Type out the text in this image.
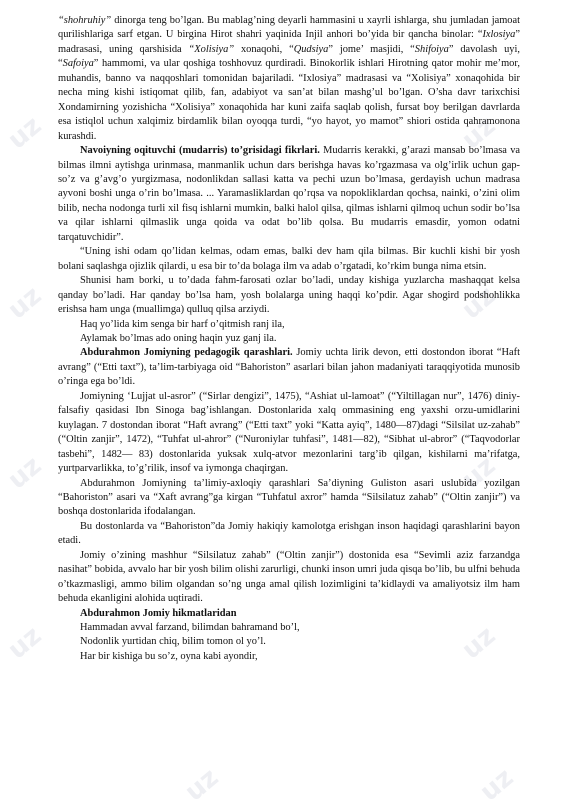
uz	uz
uz	uz
uz	uz
uz	uz
uz	uz

“shohruhiy” dinorga teng bo’lgan. Bu mablag’ning deyarli hammasini u xayrli ishlarga, shu jumladan jamoat qurilishlariga sarf etgan. U birgina Hirot shahri yaqinida Injil anhori bo’yida bir qancha binolar: “Ixlosiya” madrasasi, uning qarshisida “Xolisiya” xonaqohi, “Qudsiya” jome’ masjidi, “Shifoiya” davolash uyi, “Safoiya” hammomi, va ular qoshiga toshhovuz qurdiradi. Binokorlik ishlari Hirotning qator mohir me’mor, muhandis, banno va naqqoshlari tomonidan bajariladi. “Ixlosiya” madrasasi va “Xolisiya” xonaqohida bir necha ming kishi istiqomat qilib, fan, adabiyot va san’at bilan mashg’ul bo’lgan. O’sha davr tarixchisi Xondamirning yozishicha “Xolisiya” xonaqohida har kuni zaifa saqlab qolish, fursat boy berilgan davrlarda esa istiqlol uchun xalqimiz birdamlik bilan oyoqqa turdi, “yo hayot, yo mamot” shiori ostida qahramonona kurashdi.

Navoiyning oqituvchi (mudarris) to’grisidagi fikrlari. Mudarris kerakki, g’arazi mansab bo’lmasa va bilmas ilmni aytishga urinmasa, manmanlik uchun dars berishga havas ko’rgazmasa va olg’irlik uchun gap-so’z va g’avg’o yurgizmasa, nodonlikdan sallasi katta va pechi uzun bo’lmasa, gerdayish uchun madrasa ayvoni boshi unga o’rin bo’lmasa. ... Yaramasliklardan qo’rqsa va nopokliklardan qochsa, nainki, o’zini olim bilib, necha nodonga turli xil fisq ishlarni mumkin, balki halol qilsa, qilmas ishlarni qilmoq uchun sodir bo’lsa va qilar ishlarni qilmaslik unga qoida va odat bo’lib qolsa. Bu mudarris emasdir, yomon odatni tarqatuvchidir”.

“Uning ishi odam qo’lidan kelmas, odam emas, balki dev ham qila bilmas. Bir kuchli kishi bir yosh bolani saqlashga ojizlik qilardi, u esa bir to’da bolaga ilm va adab o’rgatadi, ko’rkim bunga nima etsin.

Shunisi ham borki, u to’dada fahm-farosati ozlar bo’ladi, unday kishiga yuzlarcha mashaqqat kelsa qanday bo’ladi. Har qanday bo’lsa ham, yosh bolalarga uning haqqi ko’pdir. Agar shogird podshohlikka erishsa ham unga (muallimga) qulluq qilsa arziydi.

Haq yo’lida kim senga bir harf o’qitmish ranj ila,

Aylamak bo’lmas ado oning haqin yuz ganj ila.

Abdurahmon Jomiyning pedagogik qarashlari. Jomiy uchta lirik devon, etti dostondon iborat “Haft avrang” (“Etti taxt”), ta’lim-tarbiyaga oid “Bahoriston” asarlari bilan jahon madaniyati taraqqiyotida munosib o’ringa ega bo’ldi.

Jomiyning ‘Lujjat ul-asror” (“Sirlar dengizi”, 1475), “Ashiat ul-lamoat” (“Yiltillagan nur”, 1476) diniy-falsafiy qasidasi Ibn Sinoga bag’ishlangan. Dostonlarida xalq ommasining eng yaxshi orzu-umidlarini kuylagan. 7 dostondan iborat “Haft avrang” (“Etti taxt” yoki “Katta ayiq”, 1480—87)dagi “Silsilat uz-zahab” (“Oltin zanjir”, 1472), “Tuhfat ul-ahror” (“Nuroniylar tuhfasi”, 1481—82), “Sibhat ul-abror” (“Taqvodorlar tasbehi”, 1482— 83) dostonlarida yuksak xulq-atvor mezonlarini targ’ib qilgan, kishilarni ma’rifatga, yurtparvarlikka, to’g’rilik, insof va iymonga chaqirgan.

Abdurahmon Jomiyning ta’limiy-axloqiy qarashlari Sa’diyning Guliston asari uslubida yozilgan “Bahoriston” asari va “Xaft avrang”ga kirgan “Tuhfatul axror” hamda “Silsilatuz zahab” (“Oltin zanjir”) va boshqa dostonlarida ifodalangan.

Bu dostonlarda va “Bahoriston”da Jomiy hakiqiy kamolotga erishgan inson haqidagi qarashlarini bayon etadi.

Jomiy o’zining mashhur “Silsilatuz zahab” (“Oltin zanjir”) dostonida esa “Sevimli aziz farzandga nasihat” bobida, avvalo har bir yosh bilim olishi zarurligi, chunki inson umri juda qisqa bo’lib, bu ulfni behuda o’tkazmasligi, ammo bilim olgandan so’ng unga amal qilish lozimligini ta’kidlaydi va amaliyotsiz ilm ham behuda ekanligini alohida uqtiradi.

Abdurahmon Jomiy hikmatlaridan

Hammadan avval farzand, bilimdan bahramand bo’l,

Nodonlik yurtidan chiq, bilim tomon ol yo’l.

Har bir kishiga bu so’z, oyna kabi ayondir,
